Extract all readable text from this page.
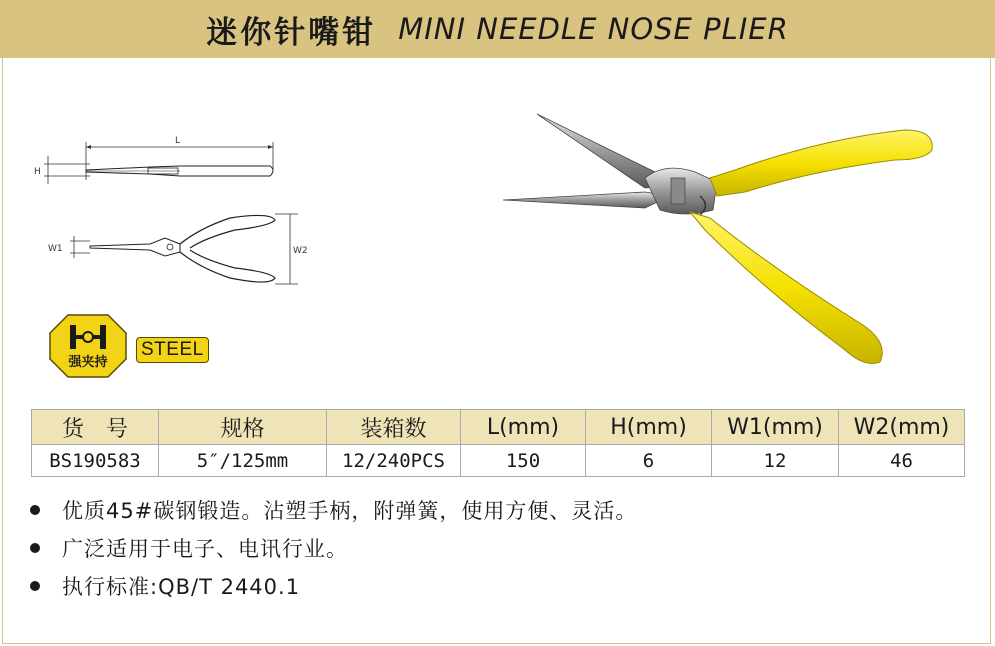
迷你针嘴钳 MINI NEEDLE NOSE PLIER
L
H
W1	W2
强夹持
STEEL
货　号	规格	装箱数	L(mm)	H(mm)	W1(mm)	W2(mm)
BS190583	5″/125mm	12/240PCS	150	6	12	46
优质45#碳钢锻造。沾塑手柄，附弹簧，使用方便、灵活。
广泛适用于电子、电讯行业。
执行标准:QB/T 2440.1
